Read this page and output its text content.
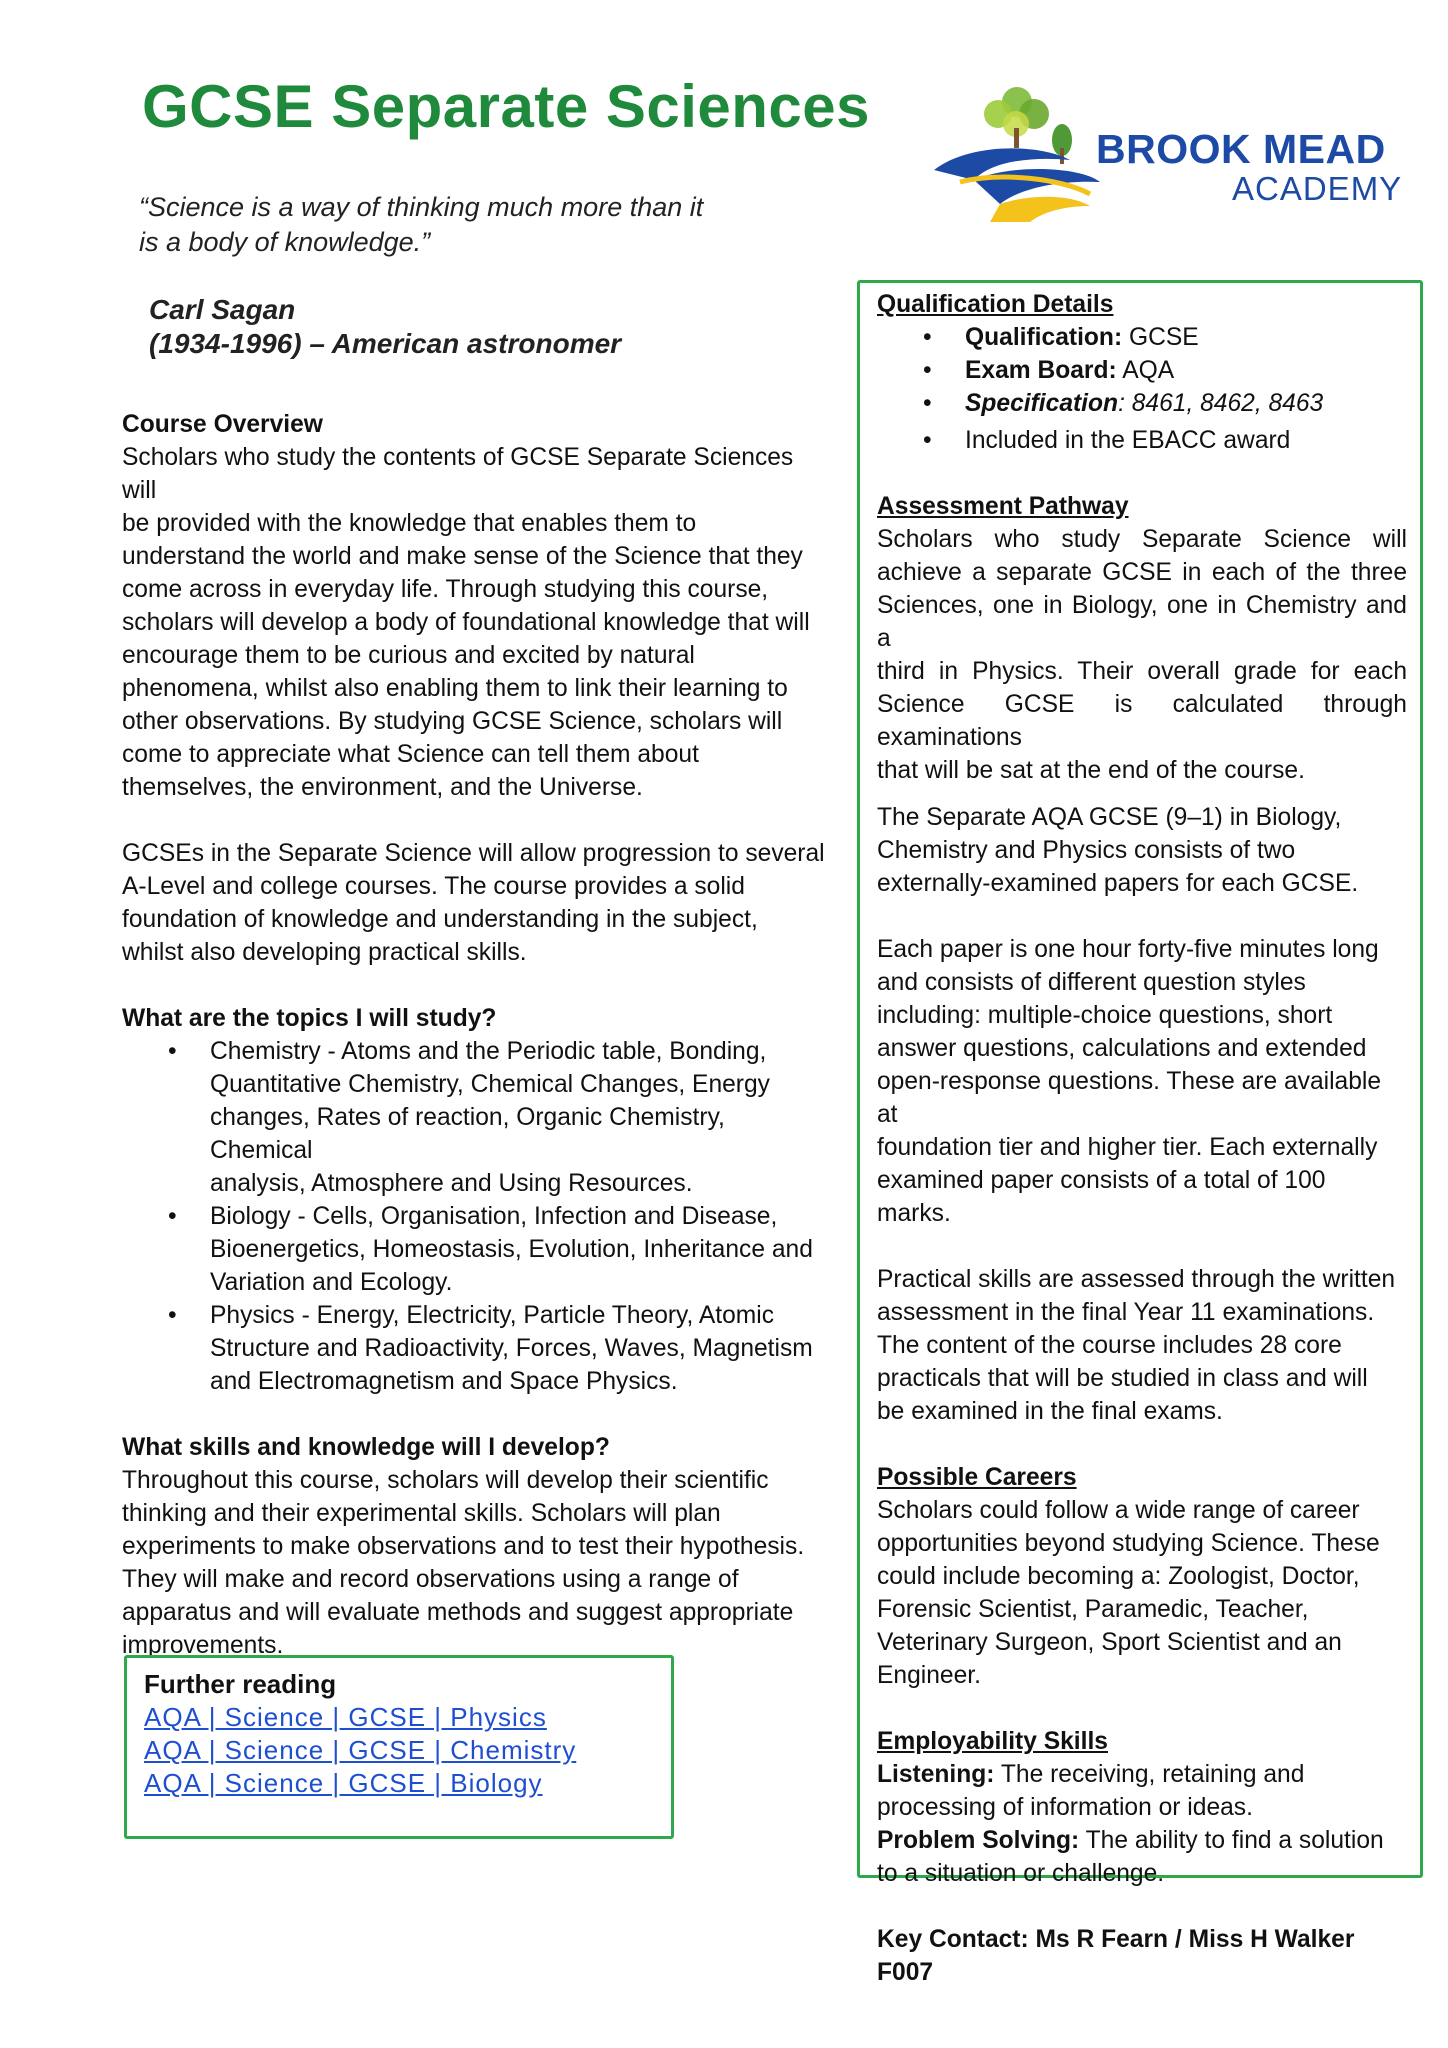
GCSE Separate Sciences
BROOK MEAD
ACADEMY
“Science is a way of thinking much more than it
is a body of knowledge.”
Carl Sagan
(1934-1996) – American astronomer
Course Overview
Scholars who study the contents of GCSE Separate Sciences will
be provided with the knowledge that enables them to
understand the world and make sense of the Science that they
come across in everyday life. Through studying this course,
scholars will develop a body of foundational knowledge that will
encourage them to be curious and excited by natural
phenomena, whilst also enabling them to link their learning to
other observations. By studying GCSE Science, scholars will
come to appreciate what Science can tell them about
themselves, the environment, and the Universe.
GCSEs in the Separate Science will allow progression to several
A-Level and college courses. The course provides a solid
foundation of knowledge and understanding in the subject,
whilst also developing practical skills.
What are the topics I will study?
• Chemistry - Atoms and the Periodic table, Bonding,
Quantitative Chemistry, Chemical Changes, Energy
changes, Rates of reaction, Organic Chemistry, Chemical
analysis, Atmosphere and Using Resources.
• Biology - Cells, Organisation, Infection and Disease,
Bioenergetics, Homeostasis, Evolution, Inheritance and
Variation and Ecology.
• Physics - Energy, Electricity, Particle Theory, Atomic
Structure and Radioactivity, Forces, Waves, Magnetism
and Electromagnetism and Space Physics.
What skills and knowledge will I develop?
Throughout this course, scholars will develop their scientific
thinking and their experimental skills. Scholars will plan
experiments to make observations and to test their hypothesis.
They will make and record observations using a range of
apparatus and will evaluate methods and suggest appropriate
improvements.
Further reading
AQA | Science | GCSE | Physics
AQA | Science | GCSE | Chemistry
AQA | Science | GCSE | Biology
Qualification Details
• Qualification: GCSE
• Exam Board: AQA
• Specification: 8461, 8462, 8463
• Included in the EBACC award
Assessment Pathway
Scholars who study Separate Science will
achieve a separate GCSE in each of the three
Sciences, one in Biology, one in Chemistry and a
third in Physics. Their overall grade for each
Science GCSE is calculated through examinations
that will be sat at the end of the course.
The Separate AQA GCSE (9–1) in Biology,
Chemistry and Physics consists of two
externally-examined papers for each GCSE.
Each paper is one hour forty-five minutes long
and consists of different question styles
including: multiple-choice questions, short
answer questions, calculations and extended
open-response questions. These are available at
foundation tier and higher tier. Each externally
examined paper consists of a total of 100
marks.
Practical skills are assessed through the written
assessment in the final Year 11 examinations.
The content of the course includes 28 core
practicals that will be studied in class and will
be examined in the final exams.
Possible Careers
Scholars could follow a wide range of career
opportunities beyond studying Science. These
could include becoming a: Zoologist, Doctor,
Forensic Scientist, Paramedic, Teacher,
Veterinary Surgeon, Sport Scientist and an
Engineer.
Employability Skills
Listening: The receiving, retaining and
processing of information or ideas.
Problem Solving: The ability to find a solution
to a situation or challenge.
Key Contact: Ms R Fearn / Miss H Walker F007
